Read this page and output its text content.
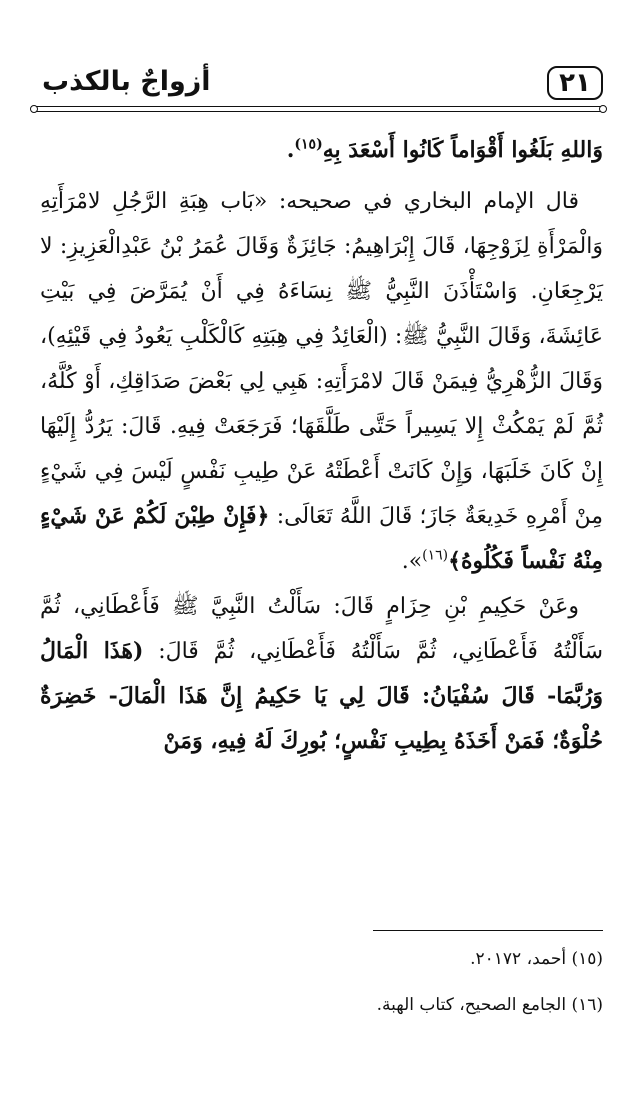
٢١
أزواجٌ بالكذب

وَاللهِ بَلَغُوا أَقْوَاماً كَانُوا أَسْعَدَ بِهِ$^{(١٥)}$.

قال الإمام البخاري في صحيحه: «بَاب هِبَةِ الرَّجُلِ لامْرَأَتِهِ وَالْمَرْأَةِ لِزَوْجِهَا، قَالَ إِبْرَاهِيمُ: جَائِزَةٌ وَقَالَ عُمَرُ بْنُ عَبْدِالْعَزِيزِ: لا يَرْجِعَانِ. وَاسْتَأْذَنَ النَّبِيُّ ﷺ نِسَاءَهُ فِي أَنْ يُمَرَّضَ فِي بَيْتِ عَائِشَةَ، وَقَالَ النَّبِيُّ ﷺ: (الْعَائِدُ فِي هِبَتِهِ كَالْكَلْبِ يَعُودُ فِي قَيْئِهِ)، وَقَالَ الزُّهْرِيُّ فِيمَنْ قَالَ لامْرَأَتِهِ: هَبِي لِي بَعْضَ صَدَاقِكِ، أَوْ كُلَّهُ، ثُمَّ لَمْ يَمْكُثْ إِلا يَسِيراً حَتَّى طَلَّقَهَا؛ فَرَجَعَتْ فِيهِ. قَالَ: يَرُدُّ إِلَيْهَا إِنْ كَانَ خَلَبَهَا، وَإِنْ كَانَتْ أَعْطَتْهُ عَنْ طِيبِ نَفْسٍ لَيْسَ فِي شَيْءٍ مِنْ أَمْرِهِ خَدِيعَةٌ جَازَ؛ قَالَ اللَّهُ تَعَالَى: ﴿فَإِنْ طِبْنَ لَكُمْ عَنْ شَيْءٍ مِنْهُ نَفْساً فَكُلُوهُ﴾$^{(١٦)}$».

وعَنْ حَكِيمِ بْنِ حِزَامٍ قَالَ: سَأَلْتُ النَّبِيَّ ﷺ فَأَعْطَانِي، ثُمَّ سَأَلْتُهُ فَأَعْطَانِي، ثُمَّ سَأَلْتُهُ فَأَعْطَانِي، ثُمَّ قَالَ: (هَذَا الْمَالُ وَرُبَّمَا- قَالَ سُفْيَانُ: قَالَ لِي يَا حَكِيمُ إِنَّ هَذَا الْمَالَ- خَضِرَةٌ حُلْوَةٌ؛ فَمَنْ أَخَذَهُ بِطِيبِ نَفْسٍ؛ بُورِكَ لَهُ فِيهِ، وَمَنْ

(١٥) أحمد، ٢٠١٧٢.

(١٦) الجامع الصحيح، كتاب الهبة.
